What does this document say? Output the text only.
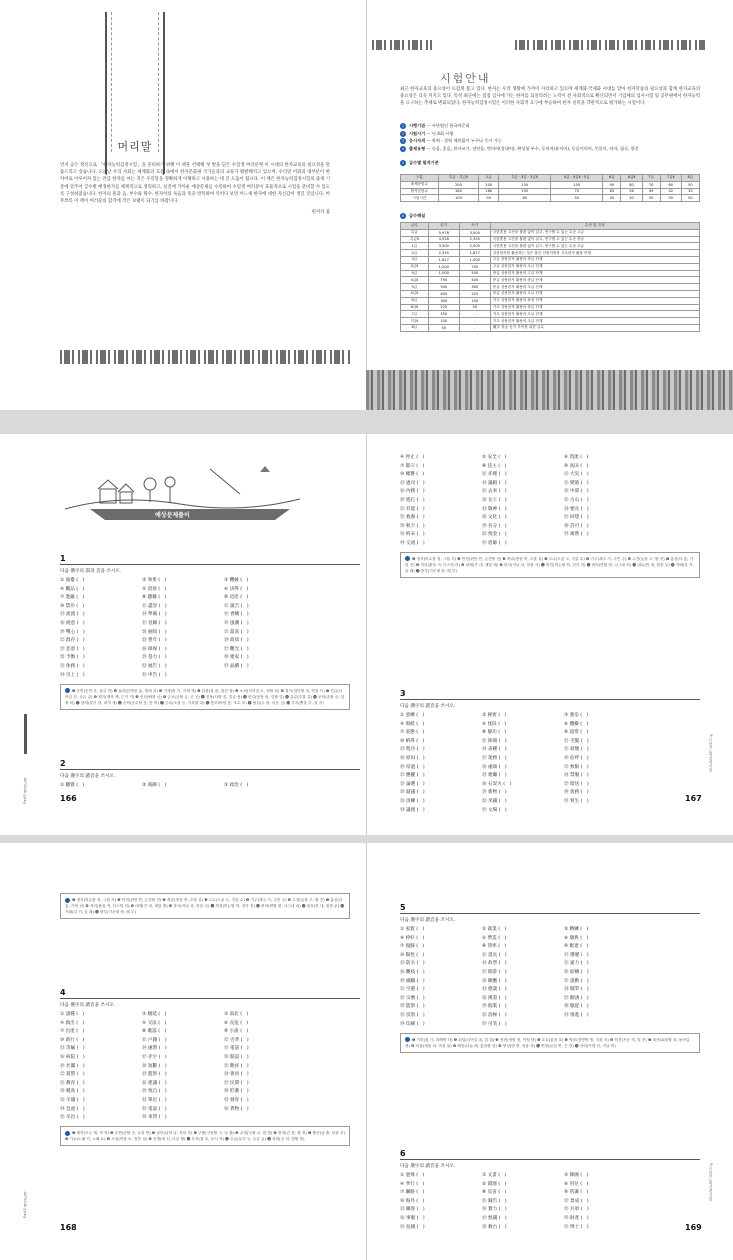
머리말
먼저 공은 정신으로 「한자능력검정시험」을 준비하기 위해 이 책을 선택해 첫 발을 딛은 수험생 여러분께 이 시대의 한자교육의 필요성을 말씀드리고 싶습니다. 오늘날 우리 사회는 세계화의 흐름 속에서 한자문화권 국가들과의 교류가 활발해지고 있으며, 우리말 어휘의 대부분이 한자어로 이루어져 있는 만큼 한자를 아는 것은 우리말을 정확하게 이해하고 사용하는 데 큰 도움이 됩니다. 이 책은 한자능력검정시험의 출제 기준에 맞추어 급수별 배정한자를 체계적으로 정리하고, 실전에 가까운 예상문제를 수록하여 수험생 여러분이 효율적으로 시험을 준비할 수 있도록 구성하였습니다. 한자의 훈과 음, 부수와 획수, 한자어의 독음과 뜻을 반복하여 익히다 보면 어느새 한자에 대한 자신감이 생길 것입니다. 아무쪼록 이 책이 여러분의 합격에 작은 보탬이 되기를 바랍니다.
편저자 씀
시험안내
최근 한자교육의 중요성이 뜨겁게 불고 있다. 한자는 우리 생활에 가까이 자리하고 있으며 세계화·국제화 시대를 맞아 한자학습의 필요성과 함께 한자교육의 중요성은 더욱 커지고 있다. 특히 최근에는 점점 입사에 가는 한자를 되살리려는 노력이 전 사회적으로 확산되면서 기업체의 입사시험 및 공무원에서 한자능력을 요구하는 추세로 변화되었다. 한자능력검정시험은 이러한 사회적 요구에 부응하여 한자 실력을 객관적으로 평가하는 시험이다.
1 시행기관 ··· 사단법인 한국어문회
2 시험시기 ··· 년 4회 시행
3 응시자격 ··· 학력 · 경력 제한없이 누구나 응시 가능
4 출제유형 ··· 독음, 훈음, 한자쓰기, 장단음, 반의어(상대어), 완성형 부수, 동의어(유의어), 동음이의어, 뜻풀이, 약자, 필순, 한문
5 급수별 합격기준
구분	특급 · 특급Ⅱ	1급	2급 · 3급 · 3급Ⅱ	4급 · 4급Ⅱ · 5급	6급	6급Ⅱ	7급	7급Ⅱ	8급
출제문항수	200	200	150	100	90	80	70	60	50
합격문항수	160	160	105	70	63	56	49	42	35
시험시간	100	90	60	50	50	50	50	50	50
6 급수해설
급수	읽기	쓰기	수준 및 특성
특급	5,978	3,500	국한혼용 고전을 불편 없이 읽고, 연구할 수 있는 수준 고급
특급Ⅱ	4,918	2,355	국한혼용 고전을 불편 없이 읽고, 연구할 수 있는 수준 중급
1급	3,500	2,005	국한혼용 고전을 불편 없이 읽고, 연구할 수 있는 수준 초급
2급	2,355	1,817	상용한자를 활용하는 것은 물론 인명지명용 기초한자 활용 단계
3급	1,817	1,000	고급 상용한자 활용의 중급 단계
3급Ⅱ	1,500	750	고급 상용한자 활용의 초급 단계
4급	1,000	500	중급 상용한자 활용의 고급 단계
4급Ⅱ	750	400	중급 상용한자 활용의 중급 단계
5급	500	300	중급 상용한자 활용의 초급 단계
5급Ⅱ	400	225	중급 상용한자 활용의 초급 단계
6급	300	150	기초 상용한자 활용의 완성 단계
6급Ⅱ	225	50	기초 상용한자 활용의 중급 단계
7급	150	-	기초 상용한자 활용의 초급 단계
7급Ⅱ	100	-	기초 상용한자 활용의 초급 단계
8급	50	-	漢字 학습 동기 부여를 위한 급수
예상문제풀이
1
다음 漢字의 訓과 音을 쓰시오.
① 波臺 (   )	② 効果 (   )	③ 機械 (   )
④ 觀品 (   )	⑤ 消衰 (   )	⑥ 決得 (   )
⑦ 進級 (   )	⑧ 題據 (   )	⑨ 迅迅 (   )
⑩ 禁功 (   )	⑪ 盡容 (   )	⑫ 誕吉 (   )
⑬ 流流 (   )	⑭ 準備 (   )	⑮ 香概 (   )
⑯ 純意 (   )	⑰ 登錄 (   )	⑱ 風潮 (   )
⑲ 雙心 (   )	⑳ 抽知 (   )	㉑ 最高 (   )
㉒ 群存 (   )	㉓ 豊年 (   )	㉔ 政知 (   )
㉕ 悲患 (   )	㉖ 條保 (   )	㉗ 觀光 (   )
㉘ 予衡 (   )	㉙ 基力 (   )	㉚ 連家 (   )
㉛ 休務 (   )	㉜ 福告 (   )	㉝ 晶續 (   )
㉞ 引上 (   )	㉟ 申告 (   )
❶ 운반(운반 운, 옮길 반) ❷ 효과(본받을 효, 열매 과) ❸ 기계(틀 기, 기계 계) ❹ 관품(볼 관, 물건 품) ❺ 소쇠(사라질 소, 쇠할 쇠) ❻ 결득(결단할 결, 얻을 득) ❼ 진급(나아갈 진, 등급 급) ❽ 제거(제목 제, 근거 거) ❾ 신신(빠를 신) ❿ 금공(금할 금, 공 공) ⓫ 진용(다할 진, 얼굴 용) ⓬ 탄길(낳을 탄, 길할 길) ⓭ 유류(흐를 류) ⓮ 준비(준할 준, 갖출 비) ⓯ 향개(향기 향, 대개 개) ⓰ 순의(순수할 순, 뜻 의) ⓱ 등록(오를 등, 기록할 록) ⓲ 풍조(바람 풍, 조수 조) ⓳ 쌍심(두 쌍, 마음 심) ⓴ 추지(뽑을 추, 알 지)
2
다음 漢字의 讀音을 쓰시오.
① 翻賣 (   )	② 商御 (   )	③ 政治 (   )
166
Part2 예상문제
④ 停止 (   )	⑤ 安全 (   )	⑥ 筑流 (   )
⑦ 都守 (   )	⑧ 技主 (   )	⑨ 高田 (   )
⑩ 總選 (   )	⑪ 赤理 (   )	⑫ 大災 (   )
⑬ 過司 (   )	⑭ 議殿 (   )	⑮ 變旅 (   )
⑯ 內務 (   )	⑰ 去來 (   )	⑱ 中部 (   )
⑲ 進打 (   )	⑳ 女王 (   )	㉑ 古石 (   )
㉒ 有能 (   )	㉓ 敬神 (   )	㉔ 要具 (   )
㉕ 救養 (   )	㉖ 文化 (   )	㉗ 回想 (   )
㉘ 秋夕 (   )	㉙ 名分 (   )	㉚ 許可 (   )
㉛ 終末 (   )	㉜ 悅金 (   )	㉝ 凍營 (   )
㉞ 交流 (   )	㉟ 恩師 (   )
❶ 정지(머무를 정, 그칠 지) ❷ 안전(편안 안, 온전할 전) ❸ 축류(쌓을 축, 흐를 류) ❹ 도수(도읍 도, 지킬 수) ❺ 기주(재주 기, 주인 주) ❻ 고전(높을 고, 밭 전) ❼ 총선(다 총, 가릴 선) ❽ 적리(붉을 적, 다스릴 리) ❾ 대재(큰 대, 재앙 재) ❿ 과사(지날 과, 맡을 사) ⓫ 의전(의논할 의, 전각 전) ⓬ 변려(변할 변, 나그네 려) ⓭ 내무(안 내, 힘쓸 무) ⓮ 거래(갈 거, 올 래) ⓯ 중부(가운데 중, 떼 부)
3
다음 漢字의 讀音을 쓰시오.
① 意練 (   )	② 秘密 (   )	③ 強迫 (   )
④ 飛紙 (   )	⑤ 忧段 (   )	⑥ 體操 (   )
⑦ 姿態 (   )	⑧ 靜功 (   )	⑨ 超常 (   )
⑩ 納得 (   )	⑪ 除冊 (   )	⑫ 毛髮 (   )
⑬ 程序 (   )	⑭ 表種 (   )	⑮ 敍懷 (   )
⑯ 原田 (   )	⑰ 迷務 (   )	⑱ 佔呼 (   )
⑲ 厚過 (   )	⑳ 處端 (   )	㉑ 無限 (   )
㉒ 應權 (   )	㉓ 連繼 (   )	㉔ 禁服 (   )
㉕ 論選 (   )	㉖ 石炭火 (   )	㉗ 暗送 (   )
㉘ 疑議 (   )	㉙ 新物 (   )	㉚ 異務 (   )
㉛ 清練 (   )	㉜ 米錢 (   )	㉝ 貿生 (   )
㉞ 議理 (   )	㉟ 文場 (   )
167
5급 한자능력검정시험
❶ 정지(머무를 정, 그칠 지) ❷ 안전(편안 안, 온전할 전) ❸ 축류(쌓을 축, 흐를 류) ❹ 도수(도읍 도, 지킬 수) ❺ 기주(재주 기, 주인 주) ❻ 고전(높을 고, 밭 전) ❼ 총선(다 총, 가릴 선) ❽ 적리(붉을 적, 다스릴 리) ❾ 대재(큰 대, 재앙 재) ❿ 과사(지날 과, 맡을 사) ⓫ 의전(의논할 의, 전각 전) ⓬ 변려(변할 변, 나그네 려) ⓭ 내무(안 내, 힘쓸 무) ⓮ 거래(갈 거, 올 래) ⓯ 중부(가운데 중, 떼 부)
4
다음 漢字의 讀音을 쓰시오.
① 諸種 (   )	② 順延 (   )	③ 南北 (   )
④ 救出 (   )	⑤ 交法 (   )	⑥ 長征 (   )
⑦ 出產 (   )	⑧ 歌謠 (   )	⑨ 小說 (   )
⑩ 新行 (   )	⑪ 戶籍 (   )	⑫ 否孝 (   )
⑬ 等級 (   )	⑭ 處罰 (   )	⑮ 電話 (   )
⑯ 病院 (   )	⑰ 赤宇 (   )	⑱ 開設 (   )
⑲ 社團 (   )	⑳ 短斷 (   )	㉑ 飽祥 (   )
㉒ 賞罰 (   )	㉓ 監察 (   )	㉔ 會員 (   )
㉕ 教育 (   )	㉖ 建議 (   )	㉗ 民間 (   )
㉘ 競高 (   )	㉙ 致自 (   )	㉚ 貯蓄 (   )
㉛ 羊賤 (   )	㉜ 單位 (   )	㉝ 發育 (   )
㉞ 急流 (   )	㉟ 電氣 (   )	㊱ 貨物 (   )
㊲ 卒昌 (   )	㊳ 來貨 (   )
❶ 제종(모두 제, 씨 종) ❷ 순연(순할 순, 늘일 연) ❸ 남북(남녘 남, 북녘 북) ❹ 구출(구원할 구, 날 출) ❺ 교법(사귈 교, 법 법) ❻ 장정(긴 장, 칠 정) ❼ 출산(날 출, 낳을 산) ❽ 가요(노래 가, 노래 요) ❾ 소설(작을 소, 말씀 설) ❿ 신행(새 신, 다닐 행) ⓫ 호적(집 호, 문서 적) ⓬ 등급(무리 등, 등급 급) ⓭ 처벌(곳 처, 벌할 벌)
168
Part2 예상문제
5
다음 漢字의 讀音을 쓰시오.
① 家賀 (   )	② 就業 (   )	③ 精練 (   )
④ 枠好 (   )	⑤ 營造 (   )	⑥ 儀典 (   )
⑦ 復歸 (   )	⑧ 貨率 (   )	⑨ 配達 (   )
⑩ 陽性 (   )	⑪ 延長 (   )	⑫ 選歷 (   )
⑬ 防水 (   )	⑭ 故學 (   )	⑮ 違力 (   )
⑯ 觀枝 (   )	⑰ 開倉 (   )	⑱ 結構 (   )
⑲ 細職 (   )	⑳ 願應 (   )	㉑ 說動 (   )
㉒ 空港 (   )	㉓ 德談 (   )	㉔ 鬪爭 (   )
㉕ 宗號 (   )	㉖ 漢書 (   )	㉗ 勸誘 (   )
㉘ 監察 (   )	㉙ 假裝 (   )	㉚ 服從 (   )
㉛ 技別 (   )	㉜ 消極 (   )	㉝ 推進 (   )
㉞ 印刷 (   )	㉟ 可笑 (   )
❶ 가하(집 가, 하례할 하) ❷ 취업(나아갈 취, 업 업) ❸ 정련(정할 정, 익힐 련) ❹ 호호(좋을 호) ❺ 영조(경영할 영, 지을 조) ❻ 의전(거동 의, 법 전) ❼ 복귀(회복할 복, 돌아갈 귀) ❽ 화율(재물 화, 비율 률) ❾ 배달(나눌 배, 통달할 달) ❿ 양성(볕 양, 성품 성) ⓫ 연장(늘일 연, 긴 장) ⓬ 선력(가릴 선, 지날 력)
6
다음 漢字의 讀音을 쓰시오.
① 過飛 (   )	② 文書 (   )	③ 韓國 (   )
④ 孝行 (   )	⑤ 錯理 (   )	⑥ 用兒 (   )
⑦ 聯路 (   )	⑧ 反省 (   )	⑨ 常識 (   )
⑩ 海外 (   )	⑪ 歸告 (   )	⑫ 景成 (   )
⑬ 聯客 (   )	⑭ 實力 (   )	⑮ 兵軍 (   )
⑯ 事服 (   )	⑰ 無錢 (   )	⑱ 財產 (   )
⑲ 島國 (   )	⑳ 舞台 (   )	㉑ 博士 (   )	169
5급 한자능력검정시험
